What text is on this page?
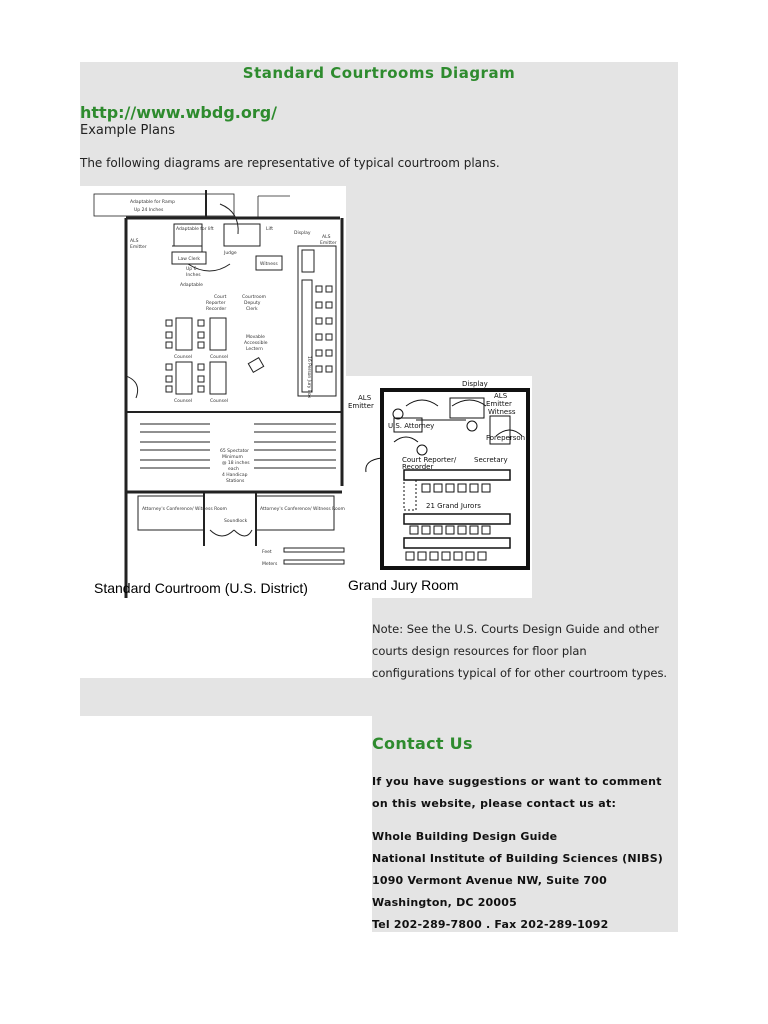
Standard Courtrooms Diagram
http://www.wbdg.org/
Example Plans
The following diagrams are representative of typical courtroom plans.
Adaptable for Ramp
Up 24 Inches
Adaptable for lift	Lift
Display
ALS
Emitter
ALS
Emitter
Law Clerk
Judge
Witness
Up 6
Inches
Adaptable
Court
Reporter
Recorder
Courtroom
Deputy
Clerk
Movable
Accessible
Lectern
Counsel	Counsel
Counsel	Counsel
16 Person Jury Box
65 Spectator
Minimum
@ 18 inches
each
4 Handicap
Stations
Attorney's Conference/ Witness Room	Attorney's Conference/ Witness Room
Soundlock
Feet
Meters
Standard Courtroom (U.S. District)
Display
ALS
Emitter
U.S. Attorney
ALS
Emitter
Witness
Foreperson
Court Reporter/
Recorder
Secretary
21 Grand Jurors
Grand Jury Room
Note: See the U.S. Courts Design Guide and other courts design resources for floor plan configurations typical of for other courtroom types.
Contact Us
If you have suggestions or want to comment on this website, please contact us at:
Whole Building Design Guide
National Institute of Building Sciences (NIBS)
1090 Vermont Avenue NW, Suite 700
Washington, DC 20005
Tel 202-289-7800 . Fax 202-289-1092
